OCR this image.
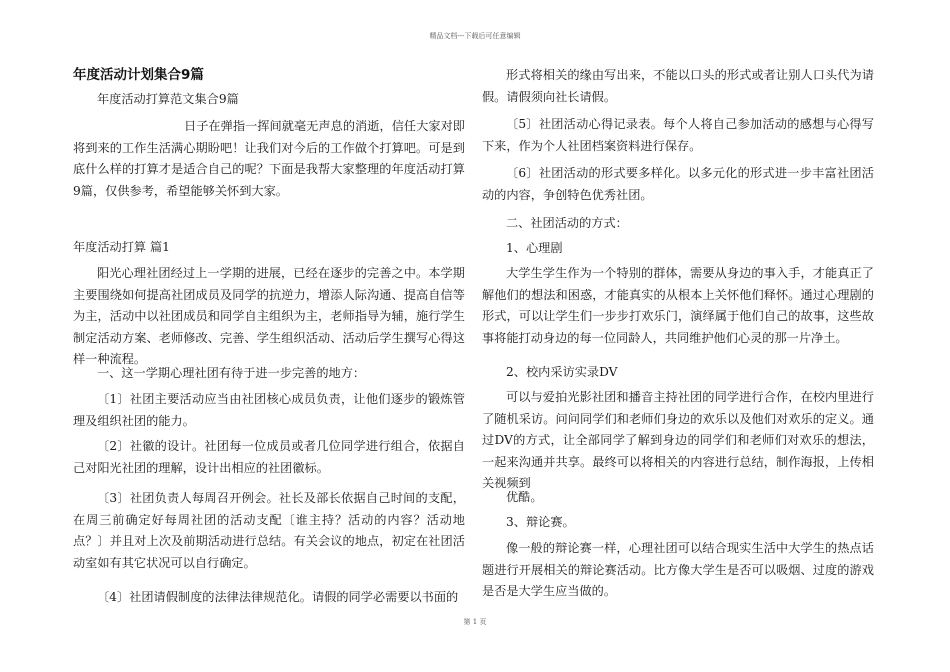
精品文档---下载后可任意编辑

年度活动计划集合9篇

年度活动打算范文集合9篇

日子在弹指一挥间就毫无声息的消逝，信任大家对即将到来的工作生活满心期盼吧！让我们对今后的工作做个打算吧。可是到底什么样的打算才是适合自己的呢？下面是我帮大家整理的年度活动打算9篇，仅供参考，希望能够关怀到大家。

年度活动打算 篇1

阳光心理社团经过上一学期的进展，已经在逐步的完善之中。本学期主要围绕如何提高社团成员及同学的抗逆力，增添人际沟通、提高自信等为主，活动中以社团成员和同学自主组织为主，老师指导为辅，施行学生制定活动方案、老师修改、完善、学生组织活动、活动后学生撰写心得这样一种流程。

一、这一学期心理社团有待于进一步完善的地方：

〔1〕社团主要活动应当由社团核心成员负责，让他们逐步的锻炼管理及组织社团的能力。

〔2〕社徽的设计。社团每一位成员或者几位同学进行组合，依据自己对阳光社团的理解，设计出相应的社团徽标。

〔3〕社团负责人每周召开例会。社长及部长依据自己时间的支配，在周三前确定好每周社团的活动支配〔谁主持？活动的内容？活动地点？〕并且对上次及前期活动进行总结。有关会议的地点，初定在社团活动室如有其它状况可以自行确定。

〔4〕社团请假制度的法律法律规范化。请假的同学必需要以书面的

形式将相关的缘由写出来，不能以口头的形式或者让别人口头代为请假。请假须向社长请假。

〔5〕社团活动心得记录表。每个人将自己参加活动的感想与心得写下来，作为个人社团档案资料进行保存。

〔6〕社团活动的形式要多样化。以多元化的形式进一步丰富社团活动的内容，争创特色优秀社团。

二、社团活动的方式：

1、心理剧

大学生学生作为一个特别的群体，需要从身边的事入手，才能真正了解他们的想法和困惑，才能真实的从根本上关怀他们释怀。通过心理剧的形式，可以让学生们一步步打欢乐门，演绎属于他们自己的故事，这些故事将能打动身边的每一位同龄人，共同维护他们心灵的那一片净土。

2、校内采访实录DV

可以与爱拍光影社团和播音主持社团的同学进行合作，在校内里进行了随机采访。问问同学们和老师们身边的欢乐以及他们对欢乐的定义。通过DV的方式，让全部同学了解到身边的同学们和老师们对欢乐的想法，一起来沟通并共享。最终可以将相关的内容进行总结，制作海报，上传相关视频到

优酷。

3、辩论赛。

像一般的辩论赛一样，心理社团可以结合现实生活中大学生的热点话题进行开展相关的辩论赛活动。比方像大学生是否可以吸烟、过度的游戏是否是大学生应当做的。

第 1 页
